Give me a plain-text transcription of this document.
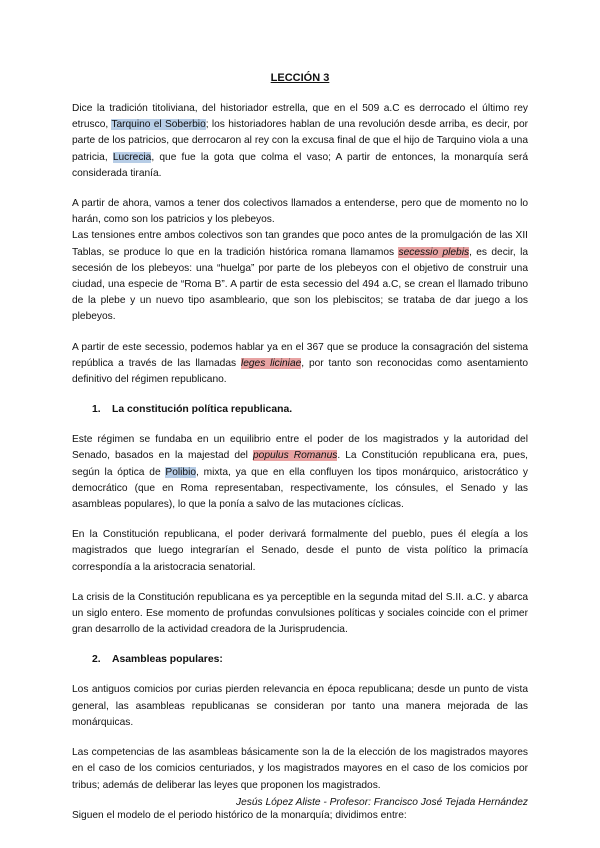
LECCIÓN 3

Dice la tradición titoliviana, del historiador estrella, que en el 509 a.C es derrocado el último rey etrusco, Tarquino el Soberbio; los historiadores hablan de una revolución desde arriba, es decir, por parte de los patricios, que derrocaron al rey con la excusa final de que el hijo de Tarquino viola a una patricia, Lucrecia, que fue la gota que colma el vaso; A partir de entonces, la monarquía será considerada tiranía.

A partir de ahora, vamos a tener dos colectivos llamados a entenderse, pero que de momento no lo harán, como son los patricios y los plebeyos.

Las tensiones entre ambos colectivos son tan grandes que poco antes de la promulgación de las XII Tablas, se produce lo que en la tradición histórica romana llamamos secessio plebis, es decir, la secesión de los plebeyos: una “huelga” por parte de los plebeyos con el objetivo de construir una ciudad, una especie de “Roma B”. A partir de esta secessio del 494 a.C, se crean el llamado tribuno de la plebe y un nuevo tipo asambleario, que son los plebiscitos; se trataba de dar juego a los plebeyos.

A partir de este secessio, podemos hablar ya en el 367 que se produce la consagración del sistema república a través de las llamadas leges liciniae, por tanto son reconocidas como asentamiento definitivo del régimen republicano.

1. La constitución política republicana.

Este régimen se fundaba en un equilibrio entre el poder de los magistrados y la autoridad del Senado, basados en la majestad del populus Romanus. La Constitución republicana era, pues, según la óptica de Polibio, mixta, ya que en ella confluyen los tipos monárquico, aristocrático y democrático (que en Roma representaban, respectivamente, los cónsules, el Senado y las asambleas populares), lo que la ponía a salvo de las mutaciones cíclicas.

En la Constitución republicana, el poder derivará formalmente del pueblo, pues él elegía a los magistrados que luego integrarían el Senado, desde el punto de vista político la primacía correspondía a la aristocracia senatorial.

La crisis de la Constitución republicana es ya perceptible en la segunda mitad del S.II. a.C. y abarca un siglo entero. Ese momento de profundas convulsiones políticas y sociales coincide con el primer gran desarrollo de la actividad creadora de la Jurisprudencia.

2. Asambleas populares:

Los antiguos comicios por curias pierden relevancia en época republicana; desde un punto de vista general, las asambleas republicanas se consideran por tanto una manera mejorada de las monárquicas.

Las competencias de las asambleas básicamente son la de la elección de los magistrados mayores en el caso de los comicios centuriados, y los magistrados mayores en el caso de los comicios por tribus; además de deliberar las leyes que proponen los magistrados.

Siguen el modelo de el periodo histórico de la monarquía; dividimos entre:

Jesús López Aliste - Profesor: Francisco José Tejada Hernández
